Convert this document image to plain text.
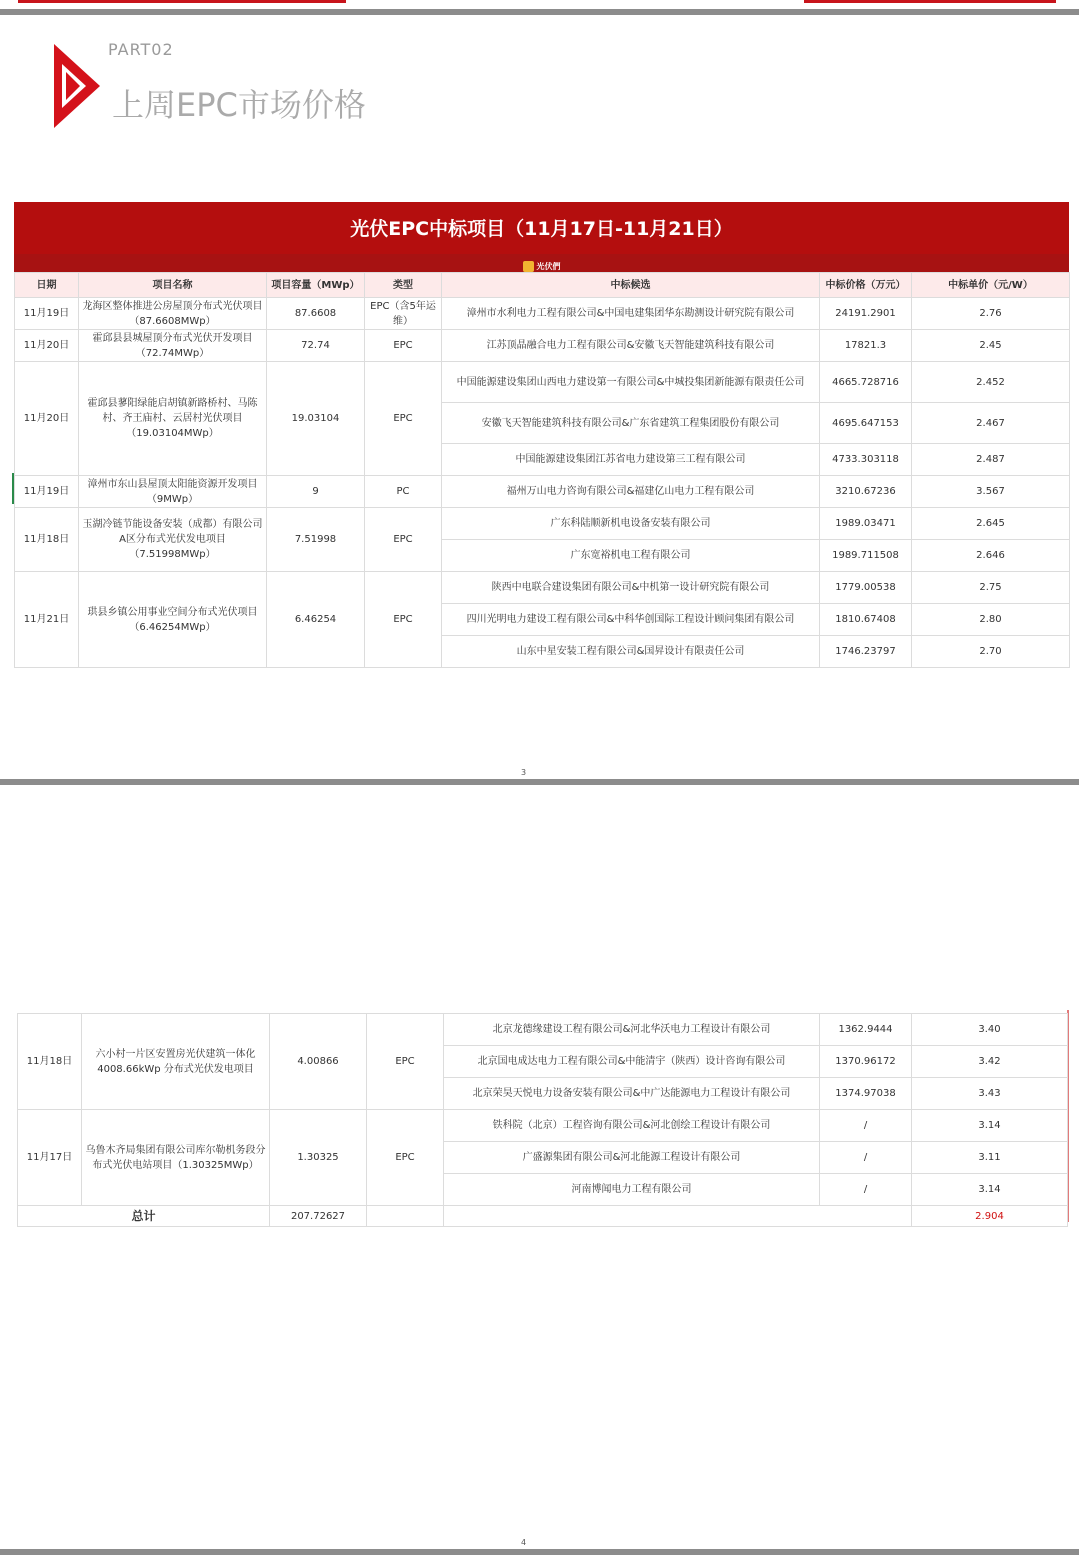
PART02
上周EPC市场价格
光伏EPC中标项目（11月17日-11月21日）
光伏們
日期	项目名称	项目容量（MWp）	类型	中标候选	中标价格（万元）	中标单价（元/W）
11月19日	龙海区整体推进公房屋顶分布式光伏项目（87.6608MWp）	87.6608	EPC（含5年运维）	漳州市水利电力工程有限公司&中国电建集团华东勘测设计研究院有限公司	24191.2901	2.76
11月20日	霍邱县县城屋顶分布式光伏开发项目（72.74MWp）	72.74	EPC	江苏顶晶融合电力工程有限公司&安徽飞天智能建筑科技有限公司	17821.3	2.45
11月20日	霍邱县蓼阳绿能启胡镇新路桥村、马陈村、齐王庙村、云居村光伏项目（19.03104MWp）	19.03104	EPC	中国能源建设集团山西电力建设第一有限公司&中城投集团新能源有限责任公司	4665.728716	2.452
				安徽飞天智能建筑科技有限公司&广东省建筑工程集团股份有限公司	4695.647153	2.467
				中国能源建设集团江苏省电力建设第三工程有限公司	4733.303118	2.487
11月19日	漳州市东山县屋顶太阳能资源开发项目（9MWp）	9	PC	福州万山电力咨询有限公司&福建亿山电力工程有限公司	3210.67236	3.567
11月18日	玉湖冷链节能设备安装（成都）有限公司A区分布式光伏发电项目（7.51998MWp）	7.51998	EPC	广东科陆顺新机电设备安装有限公司	1989.03471	2.645
				广东宽裕机电工程有限公司	1989.711508	2.646
11月21日	珙县乡镇公用事业空间分布式光伏项目（6.46254MWp）	6.46254	EPC	陕西中电联合建设集团有限公司&中机第一设计研究院有限公司	1779.00538	2.75
				四川光明电力建设工程有限公司&中科华创国际工程设计顾问集团有限公司	1810.67408	2.80
				山东中星安装工程有限公司&国昇设计有限责任公司	1746.23797	2.70
3
11月18日	六小村一片区安置房光伏建筑一体化4008.66kWp 分布式光伏发电项目	4.00866	EPC	北京龙德缘建设工程有限公司&河北华沃电力工程设计有限公司	1362.9444	3.40
				北京国电成达电力工程有限公司&中能清宇（陕西）设计咨询有限公司	1370.96172	3.42
				北京荣昊天悦电力设备安装有限公司&中广达能源电力工程设计有限公司	1374.97038	3.43
11月17日	乌鲁木齐局集团有限公司库尔勒机务段分布式光伏电站项目（1.30325MWp）	1.30325	EPC	铁科院（北京）工程咨询有限公司&河北创绘工程设计有限公司	/	3.14
				广盛源集团有限公司&河北能源工程设计有限公司	/	3.11
				河南博闻电力工程有限公司	/	3.14
总计		207.72627				2.904
4
